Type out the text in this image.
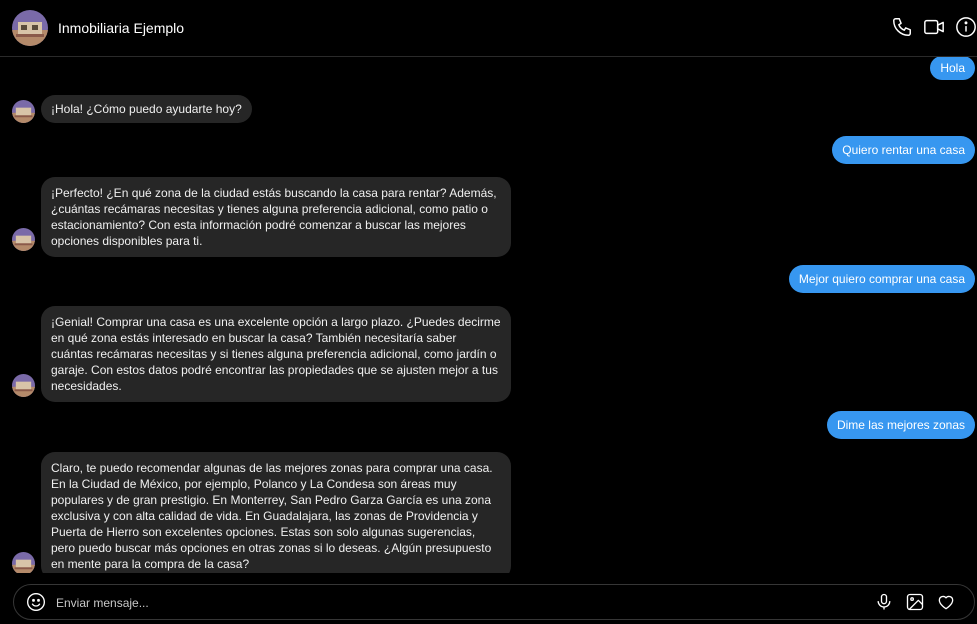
Inmobiliaria Ejemplo
Hola
¡Hola! ¿Cómo puedo ayudarte hoy?
Quiero rentar una casa
¡Perfecto! ¿En qué zona de la ciudad estás buscando la casa para rentar? Además, ¿cuántas recámaras necesitas y tienes alguna preferencia adicional, como patio o estacionamiento? Con esta información podré comenzar a buscar las mejores opciones disponibles para ti.
Mejor quiero comprar una casa
¡Genial! Comprar una casa es una excelente opción a largo plazo. ¿Puedes decirme en qué zona estás interesado en buscar la casa? También necesitaría saber cuántas recámaras necesitas y si tienes alguna preferencia adicional, como jardín o garaje. Con estos datos podré encontrar las propiedades que se ajusten mejor a tus necesidades.
Dime las mejores zonas
Claro, te puedo recomendar algunas de las mejores zonas para comprar una casa. En la Ciudad de México, por ejemplo, Polanco y La Condesa son áreas muy populares y de gran prestigio. En Monterrey, San Pedro Garza García es una zona exclusiva y con alta calidad de vida. En Guadalajara, las zonas de Providencia y Puerta de Hierro son excelentes opciones. Estas son solo algunas sugerencias, pero puedo buscar más opciones en otras zonas si lo deseas. ¿Algún presupuesto en mente para la compra de la casa?
Enviar mensaje...
